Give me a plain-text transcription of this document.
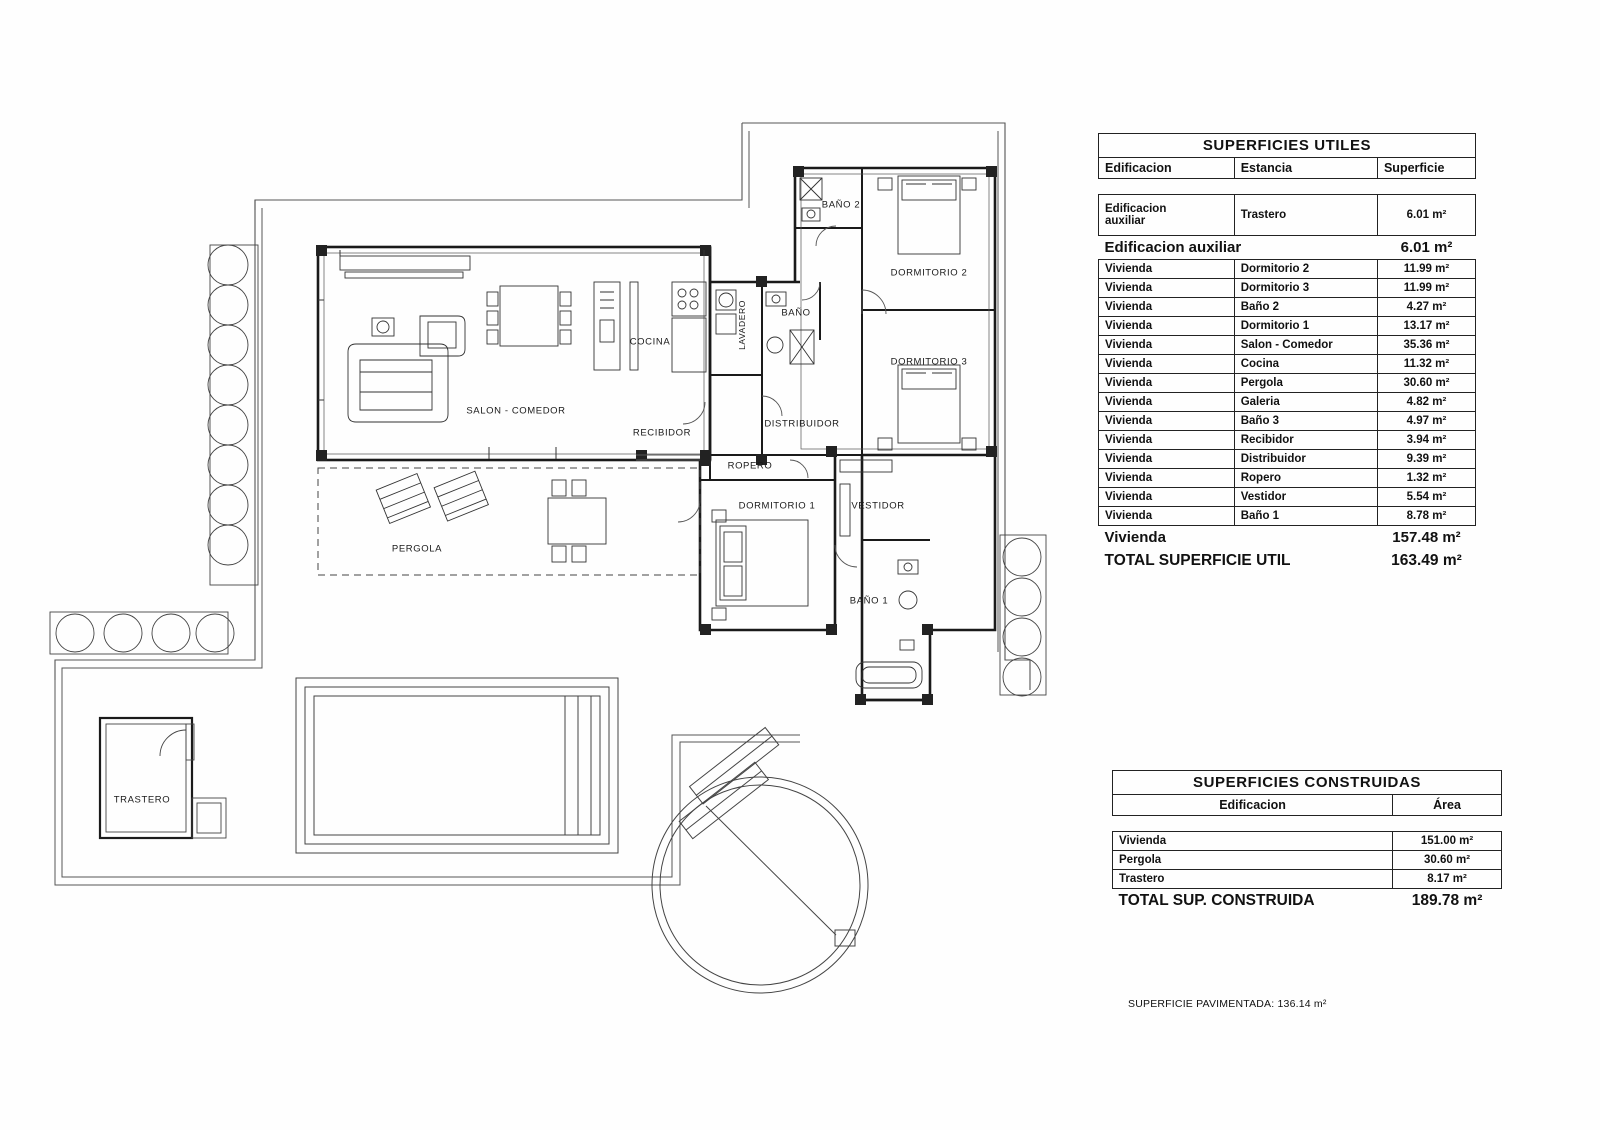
SALON - COMEDOR
COCINA	LAVADERO	BAÑO
BAÑO 2
DORMITORIO 2
DORMITORIO 3
DISTRIBUIDOR
RECIBIDOR
ROPERO
VESTIDOR
DORMITORIO 1
BAÑO 1
PERGOLA
TRASTERO
SUPERFICIES UTILES		
Edificacion	Estancia	Superficie

Edificacion
auxiliar	Trastero	6.01 m²
Edificacion auxiliar		6.01 m²
Vivienda	Dormitorio 2	11.99 m²
Vivienda	Dormitorio 3	11.99 m²
Vivienda	Baño 2	4.27 m²
Vivienda	Dormitorio 1	13.17 m²
Vivienda	Salon - Comedor	35.36 m²
Vivienda	Cocina	11.32 m²
Vivienda	Pergola	30.60 m²
Vivienda	Galeria	4.82 m²
Vivienda	Baño 3	4.97 m²
Vivienda	Recibidor	3.94 m²
Vivienda	Distribuidor	9.39 m²
Vivienda	Ropero	1.32 m²
Vivienda	Vestidor	5.54 m²
Vivienda	Baño 1	8.78 m²
Vivienda		157.48 m²
TOTAL SUPERFICIE UTIL		163.49 m²
SUPERFICIES CONSTRUIDAS	
Edificacion	Área

Vivienda	151.00 m²
Pergola	30.60 m²
Trastero	8.17 m²
TOTAL SUP. CONSTRUIDA	189.78 m²
SUPERFICIE PAVIMENTADA: 136.14 m²
